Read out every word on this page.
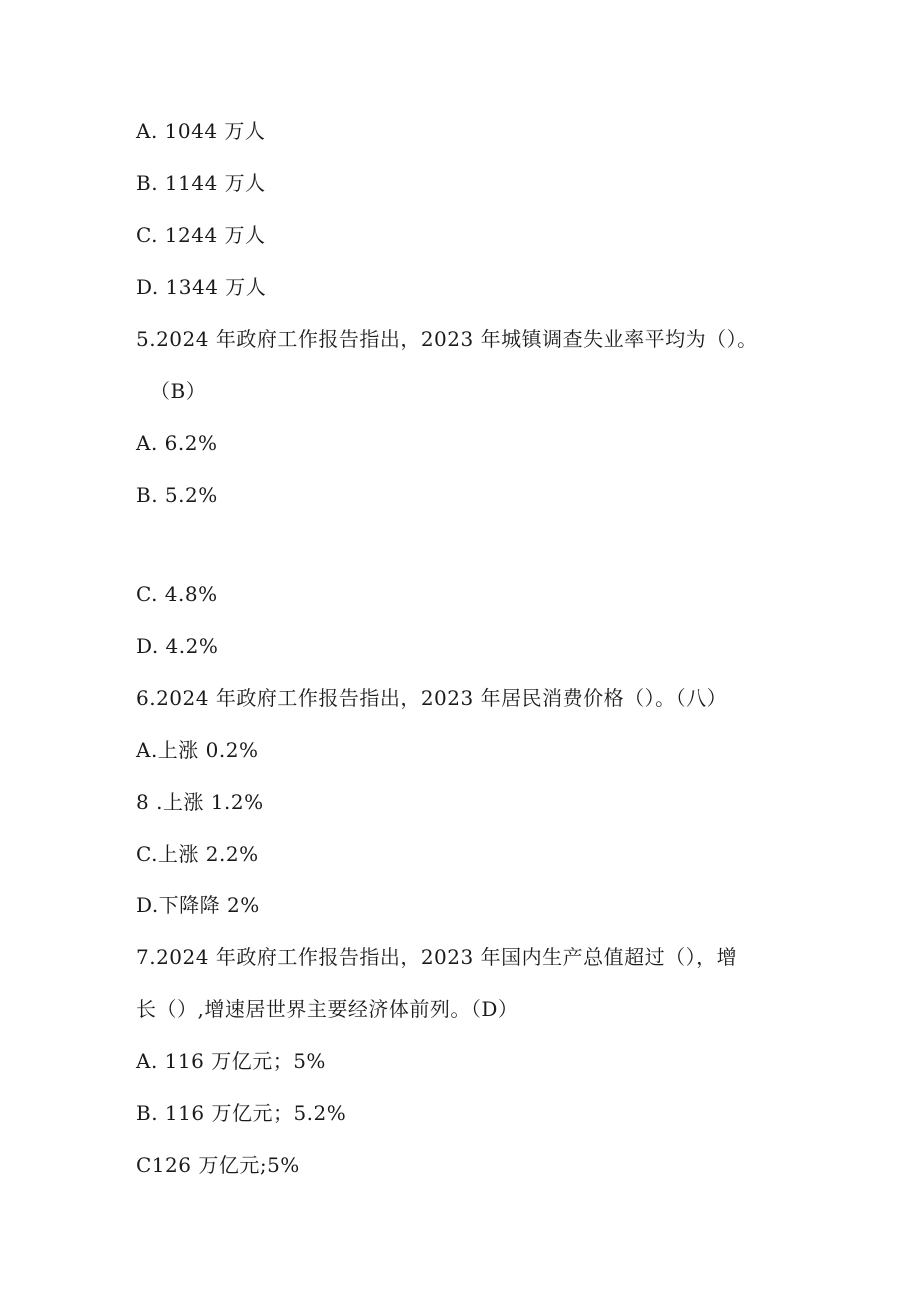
A. 1044 万人
B. 1144 万人
C. 1244 万人
D. 1344 万人
5.2024 年政府工作报告指出，2023 年城镇调查失业率平均为（）。
（B）
A. 6.2%
B. 5.2%
C. 4.8%
D. 4.2%
6.2024 年政府工作报告指出，2023 年居民消费价格（）。（八）
A.上涨 0.2%
8 .上涨 1.2%
C.上涨 2.2%
D.下降降 2%
7.2024 年政府工作报告指出，2023 年国内生产总值超过（），增
长（）,增速居世界主要经济体前列。（D）
A. 116 万亿元；5%
B. 116 万亿元；5.2%
C126 万亿元;5%
